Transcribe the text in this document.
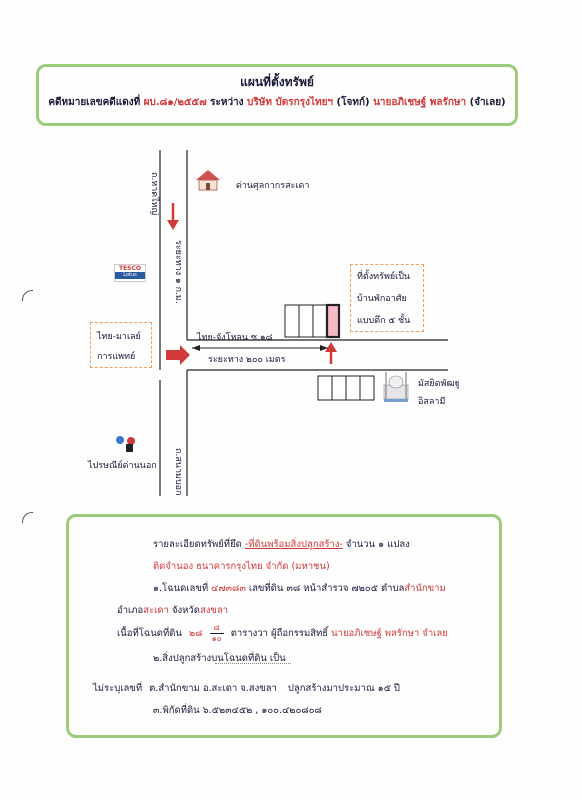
แผนที่ตั้งทรัพย์
คดีหมายเลขคดีแดงที่ ผบ.๘๑/๒๕๕๗ ระหว่าง บริษัท บัตรกรุงไทยฯ (โจทก์) นายอภิเชษฐ์ พลรักษา (จำเลย)
ถ.หาดใหญ่
ระยะทาง ๑ ก.ม.
ถ.สนามบอก
ด่านศุลกากรสะเดา
TESCO
Lotus
ไทย-มาเลย์
การแพทย์
ไทย-จังโหลน ซ.๑๘
ระยะทาง ๒๐๐ เมตร
ที่ตั้งทรัพย์เป็น
บ้านพักอาศัย
แบบตึก ๕ ชั้น
มัสยิดพัฒฐู
อิสลามี
ไปรษณีย์ด่านนอก
รายละเอียดทรัพย์ที่ยึด -ที่ดินพร้อมสิ่งปลูกสร้าง- จำนวน ๑ แปลง
ติดจำนอง ธนาคารกรุงไทย จำกัด (มหาชน)
๑.โฉนดเลขที่ ๔๗๓๘๓ เลขที่ดิน ๓๘ หน้าสำรวจ ๗๒๐๕ ตำบลสำนักขาม
อำเภอสะเดา จังหวัดสงขลา
เนื้อที่โฉนดที่ดิน ๒๘
๘
๑๐ ตารางวา ผู้ถือกรรมสิทธิ์ นายอภิเชษฐ์ พลรักษา จำเลย
๒.สิ่งปลูกสร้างบนโฉนดที่ดิน เป็น
ไม่ระบุเลขที่ ต.สำนักขาม อ.สะเดา จ.สงขลา ปลูกสร้างมาประมาณ ๑๕ ปี
๓.พิกัดที่ดิน ๖.๕๒๓๔๕๒ , ๑๐๐.๔๒๐๘๐๘
